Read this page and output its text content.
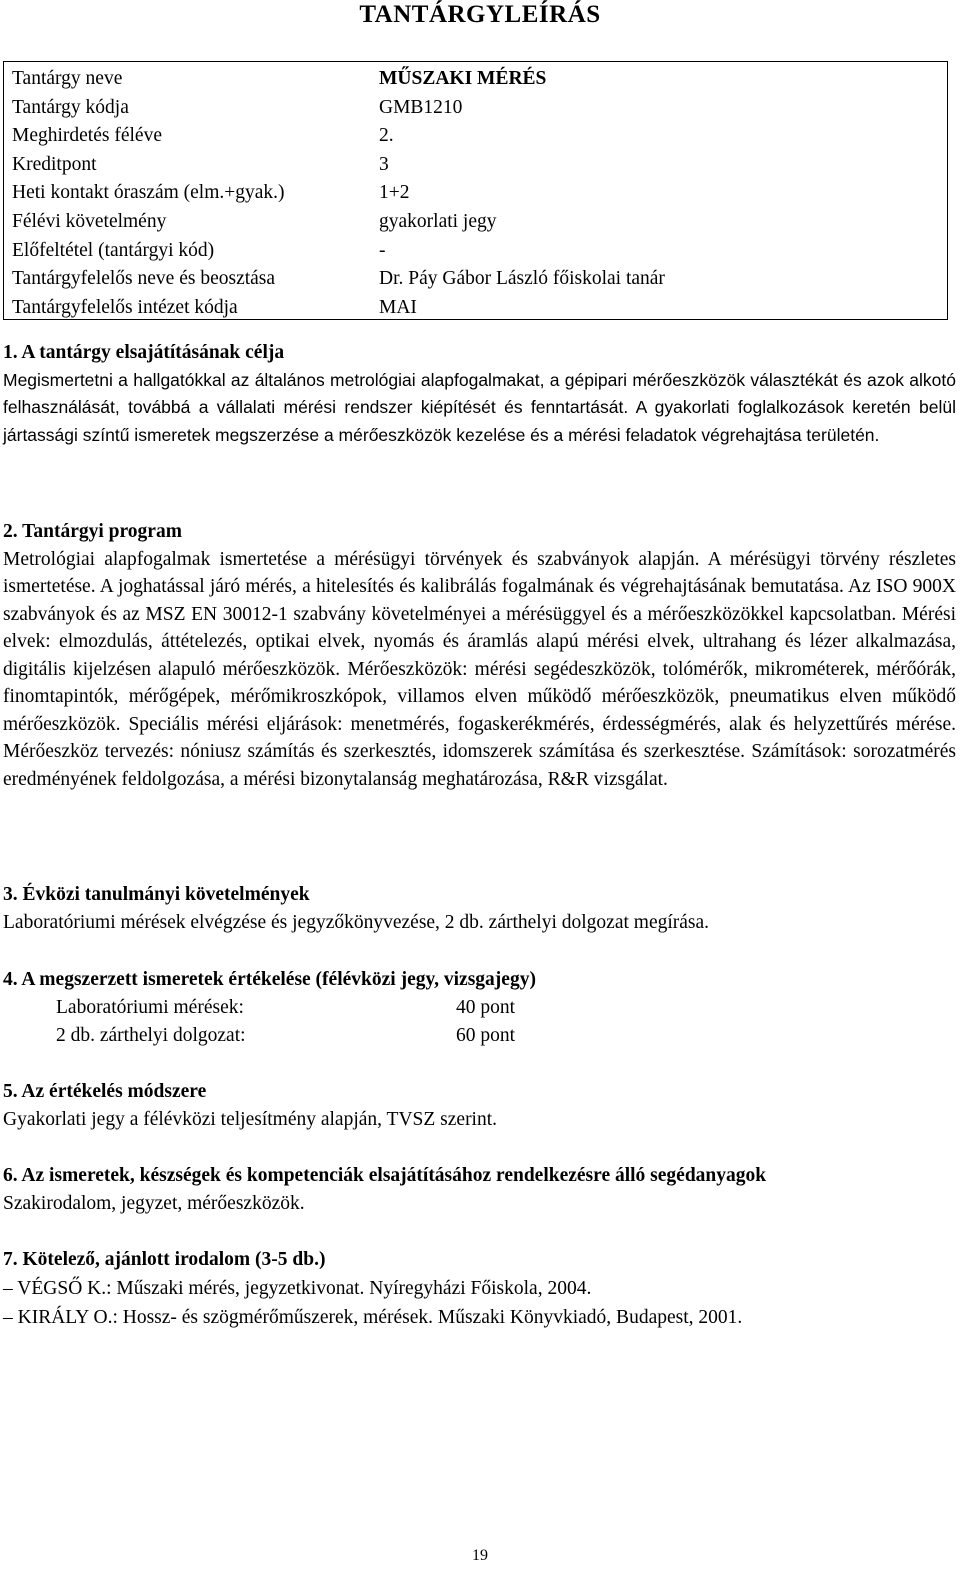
TANTÁRGYLEÍRÁS
Tantárgy neve	MŰSZAKI MÉRÉS
Tantárgy kódja	GMB1210
Meghirdetés féléve	2.
Kreditpont	3
Heti kontakt óraszám (elm.+gyak.)	1+2
Félévi követelmény	gyakorlati jegy
Előfeltétel (tantárgyi kód)	-
Tantárgyfelelős neve és beosztása	Dr. Páy Gábor László főiskolai tanár
Tantárgyfelelős intézet kódja	MAI
1. A tantárgy elsajátításának célja

Megismertetni a hallgatókkal az általános metrológiai alapfogalmakat, a gépipari mérőeszközök választékát és azok alkotó felhasználását, továbbá a vállalati mérési rendszer kiépítését és fenntartását. A gyakorlati foglalkozások keretén belül jártassági színtű ismeretek megszerzése a mérőeszközök kezelése és a mérési feladatok végrehajtása területén.

2. Tantárgyi program

Metrológiai alapfogalmak ismertetése a mérésügyi törvények és szabványok alapján. A mérésügyi törvény részletes ismertetése. A joghatással járó mérés, a hitelesítés és kalibrálás fogalmának és végrehajtásának bemutatása. Az ISO 900X szabványok és az MSZ EN 30012-1 szabvány követelményei a mérésüggyel és a mérőeszközökkel kapcsolatban. Mérési elvek: elmozdulás, áttételezés, optikai elvek, nyomás és áramlás alapú mérési elvek, ultrahang és lézer alkalmazása, digitális kijelzésen alapuló mérőeszközök. Mérőeszközök: mérési segédeszközök, tolómérők, mikrométerek, mérőórák, finomtapintók, mérőgépek, mérőmikroszkópok, villamos elven működő mérőeszközök, pneumatikus elven működő mérőeszközök. Speciális mérési eljárások: menetmérés, fogaskerékmérés, érdességmérés, alak és helyzettűrés mérése. Mérőeszköz tervezés: nóniusz számítás és szerkesztés, idomszerek számítása és szerkesztése. Számítások: sorozatmérés eredményének feldolgozása, a mérési bizonytalanság meghatározása, R&R vizsgálat.

3. Évközi tanulmányi követelmények

Laboratóriumi mérések elvégzése és jegyzőkönyvezése, 2 db. zárthelyi dolgozat megírása.

4. A megszerzett ismeretek értékelése (félévközi jegy, vizsgajegy)
Laboratóriumi mérések:	40 pont
2 db. zárthelyi dolgozat:	60 pont
5. Az értékelés módszere

Gyakorlati jegy a félévközi teljesítmény alapján, TVSZ szerint.

6. Az ismeretek, készségek és kompetenciák elsajátításához rendelkezésre álló segédanyagok

Szakirodalom, jegyzet, mérőeszközök.

7. Kötelező, ajánlott irodalom (3-5 db.)
– VÉGSŐ K.: Műszaki mérés, jegyzetkivonat. Nyíregyházi Főiskola, 2004.
– KIRÁLY O.: Hossz- és szögmérőműszerek, mérések. Műszaki Könyvkiadó, Budapest, 2001.
19
